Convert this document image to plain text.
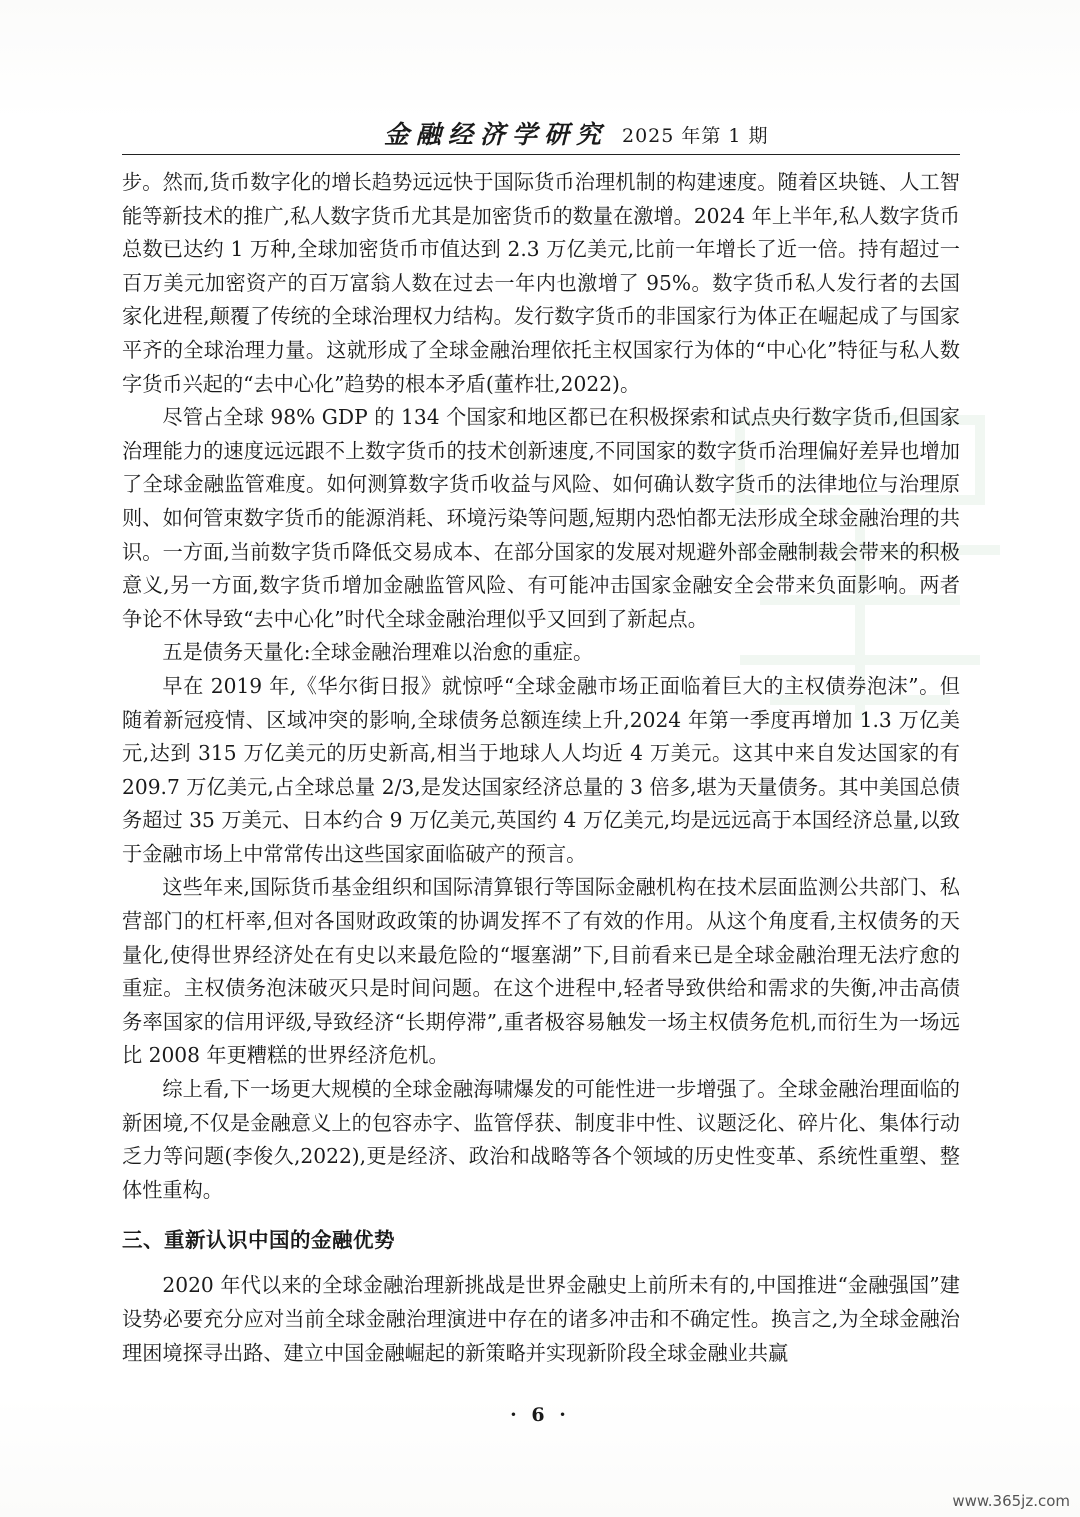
金融经济学研究 2025 年第 1 期

步。然而,货币数字化的增长趋势远远快于国际货币治理机制的构建速度。随着区块链、人工智能等新技术的推广,私人数字货币尤其是加密货币的数量在激增。2024 年上半年,私人数字货币总数已达约 1 万种,全球加密货币市值达到 2.3 万亿美元,比前一年增长了近一倍。持有超过一百万美元加密资产的百万富翁人数在过去一年内也激增了 95%。数字货币私人发行者的去国家化进程,颠覆了传统的全球治理权力结构。发行数字货币的非国家行为体正在崛起成了与国家平齐的全球治理力量。这就形成了全球金融治理依托主权国家行为体的“中心化”特征与私人数字货币兴起的“去中心化”趋势的根本矛盾(董柞壮,2022)。

尽管占全球 98% GDP 的 134 个国家和地区都已在积极探索和试点央行数字货币,但国家治理能力的速度远远跟不上数字货币的技术创新速度,不同国家的数字货币治理偏好差异也增加了全球金融监管难度。如何测算数字货币收益与风险、如何确认数字货币的法律地位与治理原则、如何管束数字货币的能源消耗、环境污染等问题,短期内恐怕都无法形成全球金融治理的共识。一方面,当前数字货币降低交易成本、在部分国家的发展对规避外部金融制裁会带来的积极意义,另一方面,数字货币增加金融监管风险、有可能冲击国家金融安全会带来负面影响。两者争论不休导致“去中心化”时代全球金融治理似乎又回到了新起点。

五是债务天量化:全球金融治理难以治愈的重症。

早在 2019 年,《华尔街日报》就惊呼“全球金融市场正面临着巨大的主权债券泡沫”。但随着新冠疫情、区域冲突的影响,全球债务总额连续上升,2024 年第一季度再增加 1.3 万亿美元,达到 315 万亿美元的历史新高,相当于地球人人均近 4 万美元。这其中来自发达国家的有 209.7 万亿美元,占全球总量 2/3,是发达国家经济总量的 3 倍多,堪为天量债务。其中美国总债务超过 35 万美元、日本约合 9 万亿美元,英国约 4 万亿美元,均是远远高于本国经济总量,以致于金融市场上中常常传出这些国家面临破产的预言。

这些年来,国际货币基金组织和国际清算银行等国际金融机构在技术层面监测公共部门、私营部门的杠杆率,但对各国财政政策的协调发挥不了有效的作用。从这个角度看,主权债务的天量化,使得世界经济处在有史以来最危险的“堰塞湖”下,目前看来已是全球金融治理无法疗愈的重症。主权债务泡沫破灭只是时间问题。在这个进程中,轻者导致供给和需求的失衡,冲击高债务率国家的信用评级,导致经济“长期停滞”,重者极容易触发一场主权债务危机,而衍生为一场远比 2008 年更糟糕的世界经济危机。

综上看,下一场更大规模的全球金融海啸爆发的可能性进一步增强了。全球金融治理面临的新困境,不仅是金融意义上的包容赤字、监管俘获、制度非中性、议题泛化、碎片化、集体行动乏力等问题(李俊久,2022),更是经济、政治和战略等各个领域的历史性变革、系统性重塑、整体性重构。

三、重新认识中国的金融优势

2020 年代以来的全球金融治理新挑战是世界金融史上前所未有的,中国推进“金融强国”建设势必要充分应对当前全球金融治理演进中存在的诸多冲击和不确定性。换言之,为全球金融治理困境探寻出路、建立中国金融崛起的新策略并实现新阶段全球金融业共赢

· 6 ·
www.365jz.com
